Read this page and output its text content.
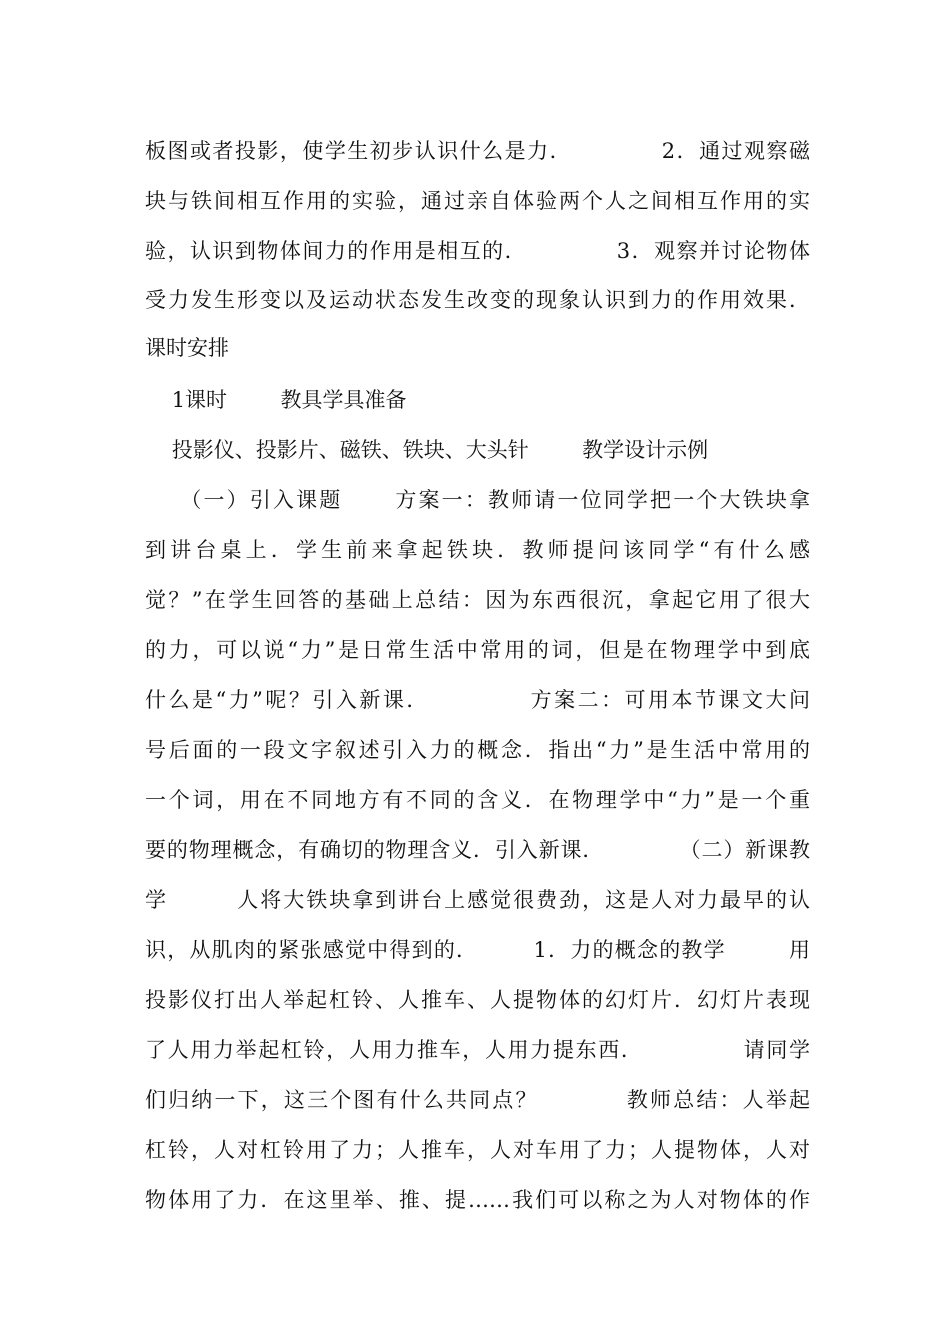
板图或者投影，使学生初步认识什么是力．           2．通过观察磁
块与铁间相互作用的实验，通过亲自体验两个人之间相互作用的实
验，认识到物体间力的作用是相互的．           3．观察并讨论物体
受力发生形变以及运动状态发生改变的现象认识到力的作用效果．
课时安排
1课时        教具学具准备
投影仪、投影片、磁铁、铁块、大头针        教学设计示例
（一）引入课题      方案一：教师请一位同学把一个大铁块拿
到讲台桌上．学生前来拿起铁块．教师提问该同学“有什么感
觉？”在学生回答的基础上总结：因为东西很沉，拿起它用了很大
的力，可以说“力”是日常生活中常用的词，但是在物理学中到底
什么是“力”呢？引入新课．           方案二：可用本节课文大问
号后面的一段文字叙述引入力的概念．指出“力”是生活中常用的
一个词，用在不同地方有不同的含义．在物理学中“力”是一个重
要的物理概念，有确切的物理含义．引入新课．          （二）新课教
学        人将大铁块拿到讲台上感觉很费劲，这是人对力最早的认
识，从肌肉的紧张感觉中得到的．       1．力的概念的教学        用
投影仪打出人举起杠铃、人推车、人提物体的幻灯片．幻灯片表现
了人用力举起杠铃，人用力推车，人用力提东西．            请同学
们归纳一下，这三个图有什么共同点？          教师总结：人举起
杠铃，人对杠铃用了力；人推车，人对车用了力；人提物体，人对
物体用了力．在这里举、推、提……我们可以称之为人对物体的作
